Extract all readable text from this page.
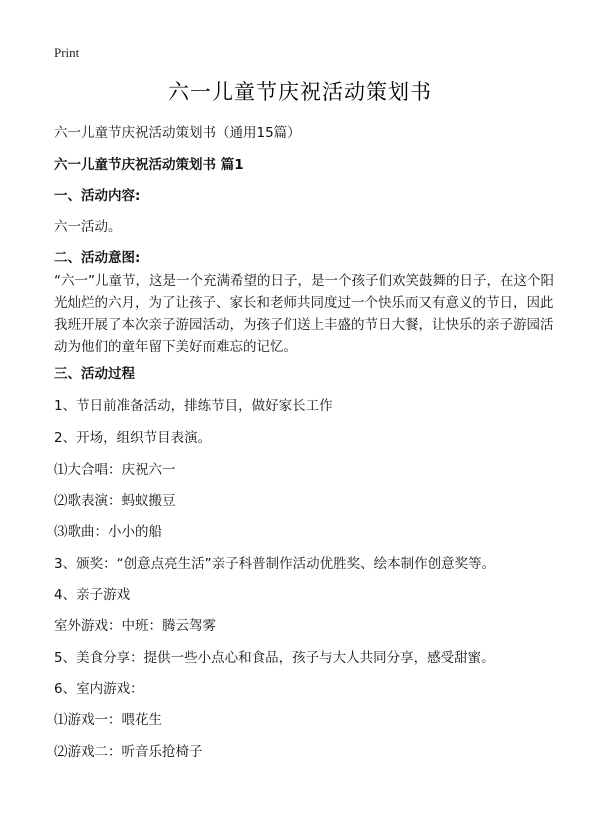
Print
六一儿童节庆祝活动策划书
六一儿童节庆祝活动策划书（通用15篇）
六一儿童节庆祝活动策划书 篇1
一、活动内容:
六一活动。
二、活动意图:
“六一”儿童节，这是一个充满希望的日子，是一个孩子们欢笑鼓舞的日子，在这个阳光灿烂的六月，为了让孩子、家长和老师共同度过一个快乐而又有意义的节日，因此我班开展了本次亲子游园活动，为孩子们送上丰盛的节日大餐，让快乐的亲子游园活动为他们的童年留下美好而难忘的记忆。
三、活动过程
1、节日前准备活动，排练节目，做好家长工作
2、开场，组织节目表演。
⑴大合唱：庆祝六一
⑵歌表演：蚂蚁搬豆
⑶歌曲：小小的船
3、颁奖：“创意点亮生活”亲子科普制作活动优胜奖、绘本制作创意奖等。
4、亲子游戏
室外游戏：中班：腾云驾雾
5、美食分享：提供一些小点心和食品，孩子与大人共同分享，感受甜蜜。
6、室内游戏：
⑴游戏一：喂花生
⑵游戏二：听音乐抢椅子
